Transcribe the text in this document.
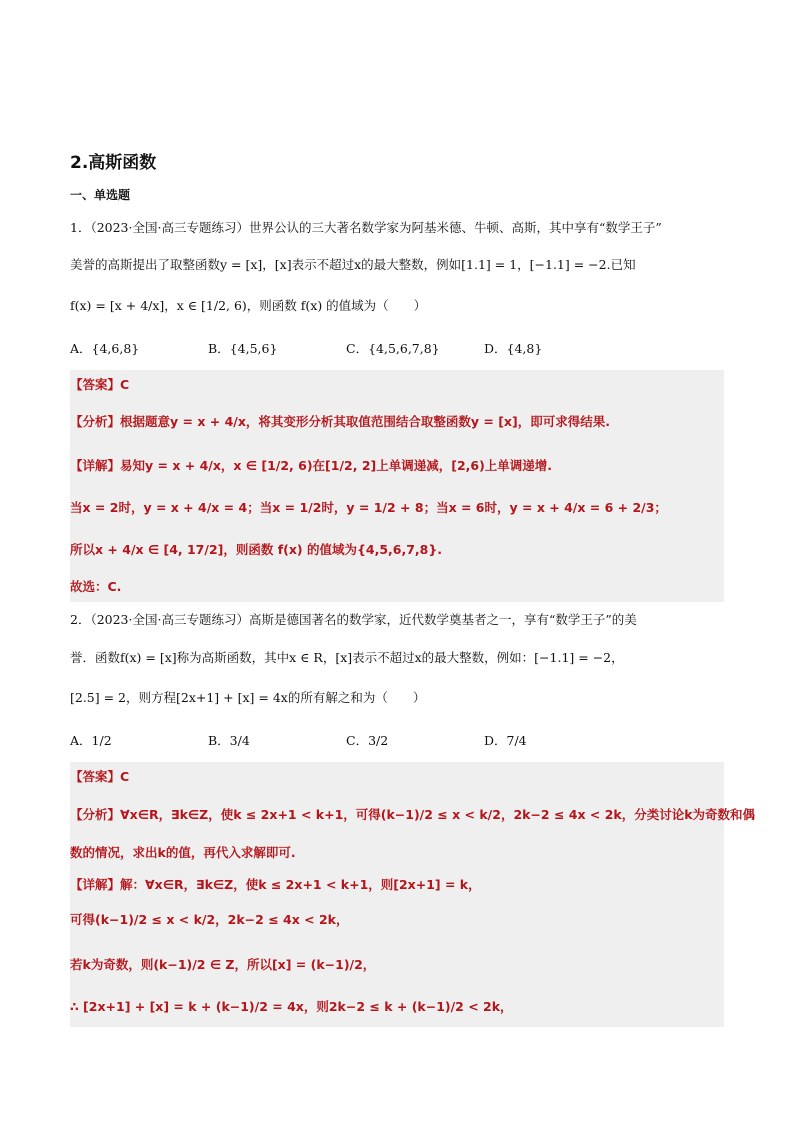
2.高斯函数
一、单选题
1．（2023·全国·高三专题练习）世界公认的三大著名数学家为阿基米德、牛顿、高斯，其中享有“数学王子”
美誉的高斯提出了取整函数y = [x]，[x]表示不超过x的最大整数，例如[1.1] = 1，[−1.1] = −2.已知
f(x) = [x + 4/x]，x ∈ [1/2, 6)，则函数 f(x) 的值域为（　　）
A．{4,6,8}	B．{4,5,6}	C．{4,5,6,7,8}	D．{4,8}
【答案】C
【分析】根据题意y = x + 4/x，将其变形分析其取值范围结合取整函数y = [x]，即可求得结果.
【详解】易知y = x + 4/x，x ∈ [1/2, 6)在[1/2, 2]上单调递减，[2,6)上单调递增.
当x = 2时，y = x + 4/x = 4；当x = 1/2时，y = 1/2 + 8；当x = 6时，y = x + 4/x = 6 + 2/3；
所以x + 4/x ∈ [4, 17/2]，则函数 f(x) 的值域为{4,5,6,7,8}.
故选：C.
2．（2023·全国·高三专题练习）高斯是德国著名的数学家，近代数学奠基者之一，享有“数学王子”的美
誉．函数f(x) = [x]称为高斯函数，其中x ∈ R，[x]表示不超过x的最大整数，例如：[−1.1] = −2，
[2.5] = 2，则方程[2x+1] + [x] = 4x的所有解之和为（　　）
A．1/2	B．3/4	C．3/2	D．7/4
【答案】C
【分析】∀x∈R，∃k∈Z，使k ≤ 2x+1 < k+1，可得(k−1)/2 ≤ x < k/2，2k−2 ≤ 4x < 2k，分类讨论k为奇数和偶
数的情况，求出k的值，再代入求解即可.
【详解】解：∀x∈R，∃k∈Z，使k ≤ 2x+1 < k+1，则[2x+1] = k，
可得(k−1)/2 ≤ x < k/2，2k−2 ≤ 4x < 2k，
若k为奇数，则(k−1)/2 ∈ Z，所以[x] = (k−1)/2，
∴ [2x+1] + [x] = k + (k−1)/2 = 4x，则2k−2 ≤ k + (k−1)/2 < 2k，
